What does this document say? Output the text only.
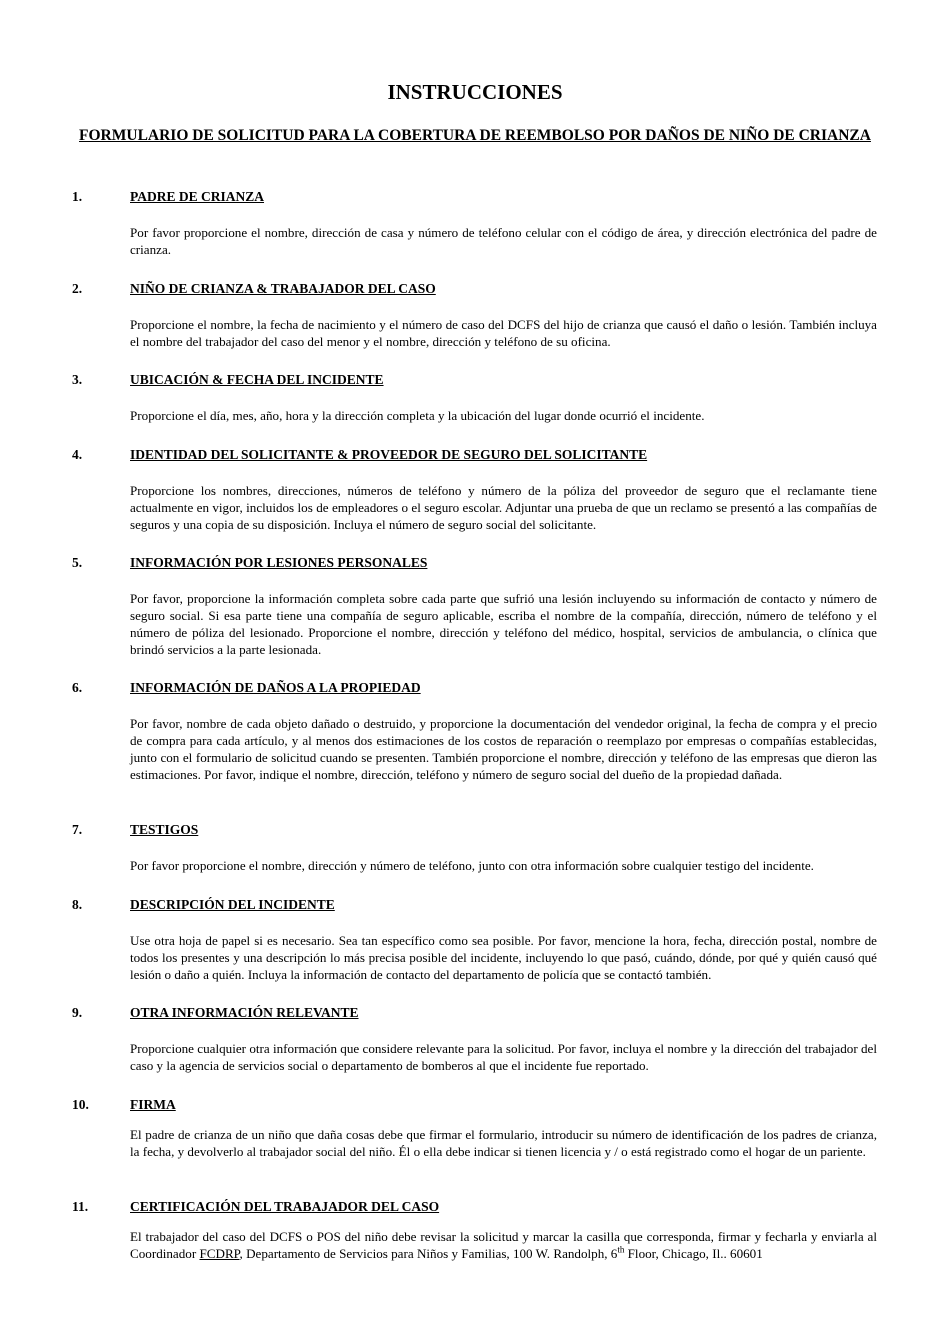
INSTRUCCIONES
FORMULARIO DE SOLICITUD PARA LA COBERTURA DE REEMBOLSO POR DAÑOS DE NIÑO DE CRIANZA
1.	PADRE DE CRIANZA

Por favor proporcione el nombre, dirección de casa y número de teléfono celular con el código de área, y dirección electrónica del padre de crianza.

2.	NIÑO DE CRIANZA & TRABAJADOR DEL CASO

Proporcione el nombre, la fecha de nacimiento y el número de caso del DCFS del hijo de crianza que causó el daño o lesión. También incluya el nombre del trabajador del caso del menor y el nombre, dirección y teléfono de su oficina.

3.	UBICACIÓN & FECHA DEL INCIDENTE

Proporcione el día, mes, año, hora y la dirección completa y la ubicación del lugar donde ocurrió el incidente.

4.	IDENTIDAD DEL SOLICITANTE & PROVEEDOR DE SEGURO DEL SOLICITANTE

Proporcione los nombres, direcciones, números de teléfono y número de la póliza del proveedor de seguro que el reclamante tiene actualmente en vigor, incluidos los de empleadores o el seguro escolar. Adjuntar una prueba de que un reclamo se presentó a las compañías de seguros y una copia de su disposición. Incluya el número de seguro social del solicitante.

5.	INFORMACIÓN POR LESIONES PERSONALES

Por favor, proporcione la información completa sobre cada parte que sufrió una lesión incluyendo su información de contacto y número de seguro social. Si esa parte tiene una compañía de seguro aplicable, escriba el nombre de la compañía, dirección, número de teléfono y el número de póliza del lesionado. Proporcione el nombre, dirección y teléfono del médico, hospital, servicios de ambulancia, o clínica que brindó servicios a la parte lesionada.

6.	INFORMACIÓN DE DAÑOS A LA PROPIEDAD

Por favor, nombre de cada objeto dañado o destruido, y proporcione la documentación del vendedor original, la fecha de compra y el precio de compra para cada artículo, y al menos dos estimaciones de los costos de reparación o reemplazo por empresas o compañías establecidas, junto con el formulario de solicitud cuando se presenten. También proporcione el nombre, dirección y teléfono de las empresas que dieron las estimaciones. Por favor, indique el nombre, dirección, teléfono y número de seguro social del dueño de la propiedad dañada.

7.	TESTIGOS

Por favor proporcione el nombre, dirección y número de teléfono, junto con otra información sobre cualquier testigo del incidente.

8.	DESCRIPCIÓN DEL INCIDENTE

Use otra hoja de papel si es necesario. Sea tan específico como sea posible. Por favor, mencione la hora, fecha, dirección postal, nombre de todos los presentes y una descripción lo más precisa posible del incidente, incluyendo lo que pasó, cuándo, dónde, por qué y quién causó qué lesión o daño a quién. Incluya la información de contacto del departamento de policía que se contactó también.

9.	OTRA INFORMACIÓN RELEVANTE

Proporcione cualquier otra información que considere relevante para la solicitud. Por favor, incluya el nombre y la dirección del trabajador del caso y la agencia de servicios social o departamento de bomberos al que el incidente fue reportado.

10.	FIRMA

El padre de crianza de un niño que daña cosas debe que firmar el formulario, introducir su número de identificación de los padres de crianza, la fecha, y devolverlo al trabajador social del niño. Él o ella debe indicar si tienen licencia y / o está registrado como el hogar de un pariente.

11.	CERTIFICACIÓN DEL TRABAJADOR DEL CASO

El trabajador del caso del DCFS o POS del niño debe revisar la solicitud y marcar la casilla que corresponda, firmar y fecharla y enviarla al Coordinador FCDRP, Departamento de Servicios para Niños y Familias, 100 W. Randolph, 6th Floor, Chicago, Il.. 60601
